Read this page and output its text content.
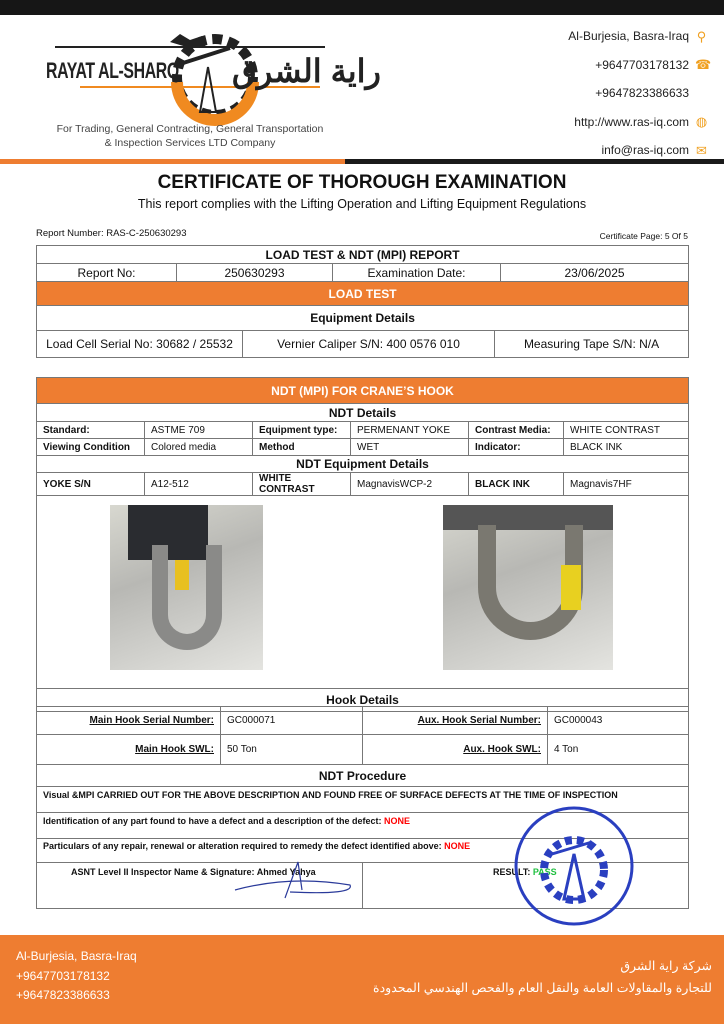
RAYAT AL-SHARQ راية الشرق
For Trading, General Contracting, General Transportation
& Inspection Services LTD Company
Al-Burjesia, Basra-Iraq ⚲
+9647703178132 ☎
+9647823386633
http://www.ras-iq.com ◍
info@ras-iq.com ✉
CERTIFICATE OF THOROUGH EXAMINATION
This report complies with the Lifting Operation and Lifting Equipment Regulations
Report Number: RAS-C-250630293	Certificate Page: 5 Of 5
LOAD TEST & NDT (MPI) REPORT					
Report No:	250630293		Examination Date:		23/06/2025
LOAD TEST					
Equipment Details					
Load Cell Serial No: 30682 / 25532		Vernier Caliper S/N: 400 0576 010		Measuring Tape S/N: N/A	
NDT (MPI) FOR CRANE’S HOOK					
NDT Details					
Standard:	ASTME 709	Equipment type:	PERMENANT YOKE	Contrast Media:	WHITE CONTRAST
Viewing Condition	Colored media	Method	WET	Indicator:	BLACK INK
NDT Equipment Details					
YOKE S/N	A12-512	WHITE CONTRAST	MagnavisWCP-2	BLACK INK	Magnavis7HF

Hook Details					
Main Hook Serial Number:	GC000071	Aux. Hook Serial Number:	GC000043
Main Hook SWL:	50 Ton	Aux. Hook SWL:	4 Ton
NDT Procedure
Visual &MPI CARRIED OUT FOR THE ABOVE DESCRIPTION AND FOUND FREE OF SURFACE DEFECTS AT THE TIME OF INSPECTION
Identification of any part found to have a defect and a description of the defect: NONE
Particulars of any repair, renewal or alteration required to remedy the defect identified above: NONE
ASNT Level II Inspector Name & Signature: Ahmed Yahya	RESULT: PASS
Al-Burjesia, Basra-Iraq
+9647703178132
+9647823386633
شركة راية الشرق
للتجارة والمقاولات العامة والنقل العام والفحص الهندسي المحدودة
